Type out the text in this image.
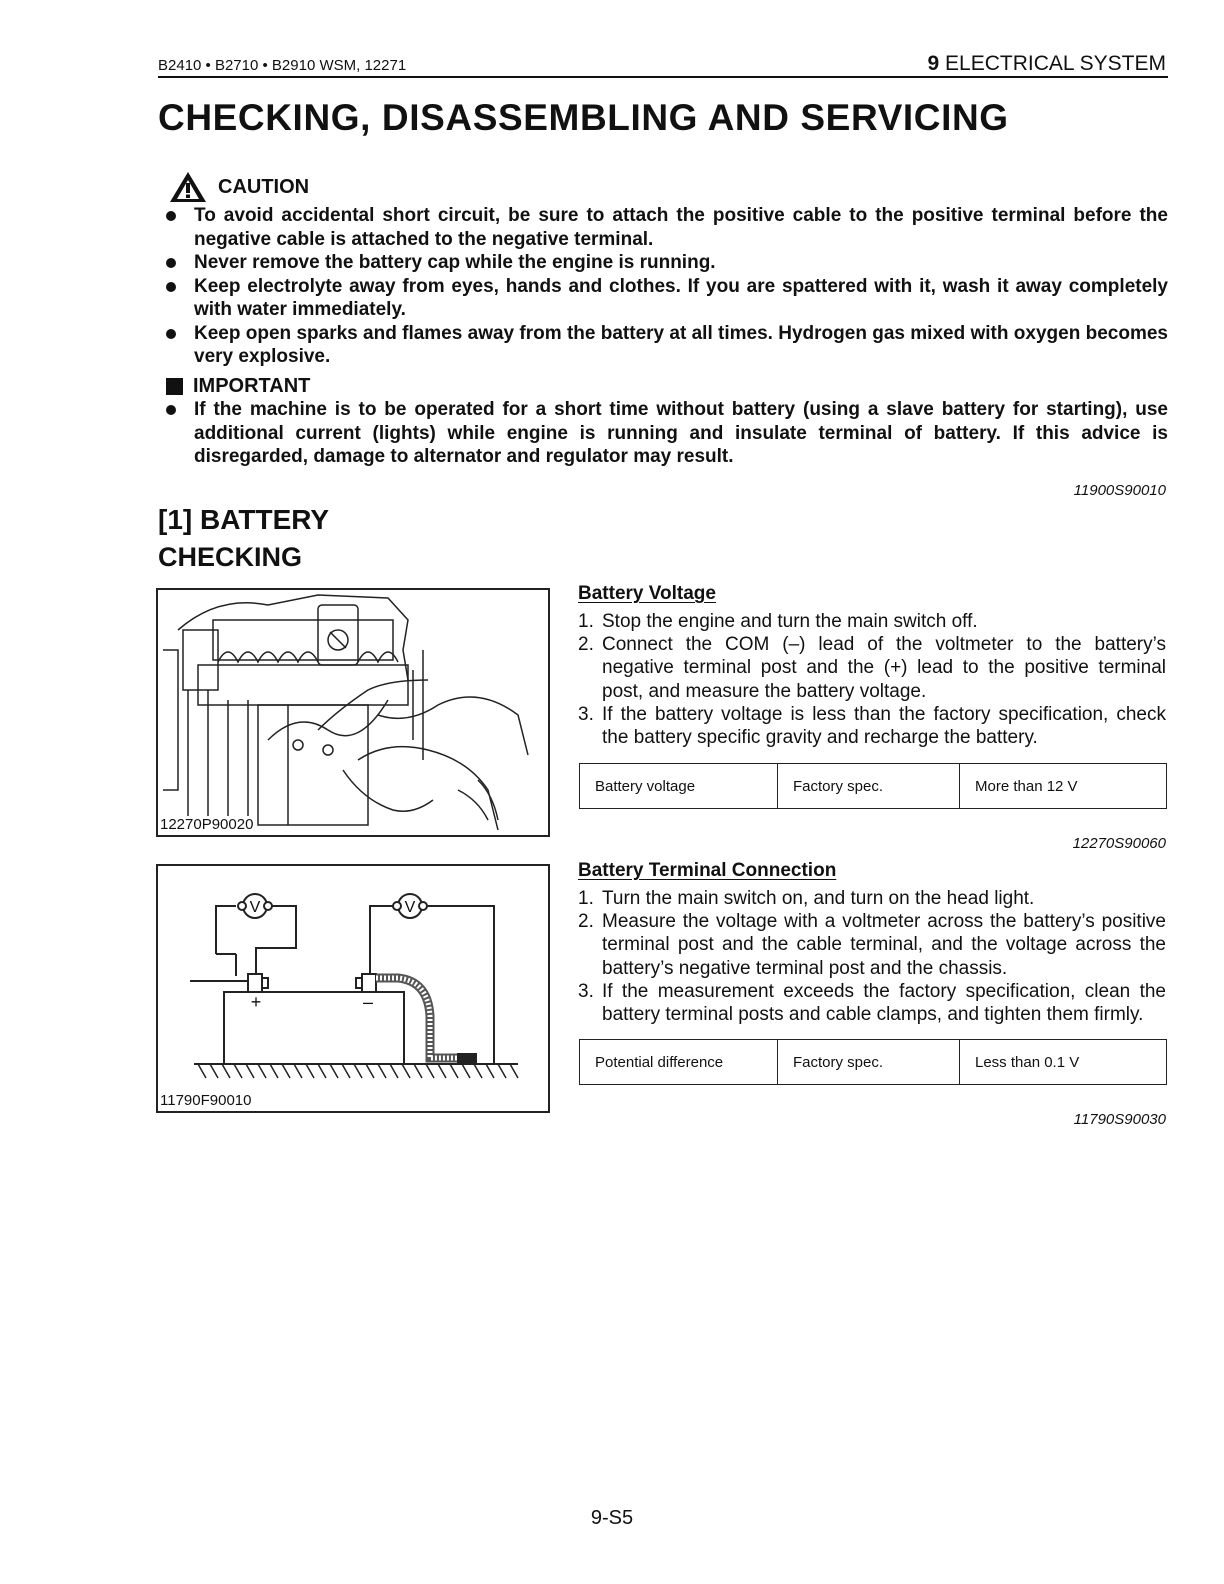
B2410 • B2710 • B2910 WSM, 12271	9 ELECTRICAL SYSTEM
CHECKING, DISASSEMBLING AND SERVICING
CAUTION
To avoid accidental short circuit, be sure to attach the positive cable to the positive terminal before the negative cable is attached to the negative terminal.
Never remove the battery cap while the engine is running.
Keep electrolyte away from eyes, hands and clothes. If you are spattered with it, wash it away completely with water immediately.
Keep open sparks and flames away from the battery at all times. Hydrogen gas mixed with oxygen becomes very explosive.
IMPORTANT
If the machine is to be operated for a short time without battery (using a slave battery for starting), use additional current (lights) while engine is running and insulate terminal of battery. If this advice is disregarded, damage to alternator and regulator may result.
11900S90010
[1] BATTERY
CHECKING
12270P90020
V	V
+	–
11790F90010
Battery Voltage
1. Stop the engine and turn the main switch off.
2. Connect the COM (–) lead of the voltmeter to the battery’s negative terminal post and the (+) lead to the positive terminal post, and measure the battery voltage.
3. If the battery voltage is less than the factory specification, check the battery specific gravity and recharge the battery.
Battery voltage	Factory spec.	More than 12 V
12270S90060
Battery Terminal Connection
1. Turn the main switch on, and turn on the head light.
2. Measure the voltage with a voltmeter across the battery’s positive terminal post and the cable terminal, and the voltage across the battery’s negative terminal post and the chassis.
3. If the measurement exceeds the factory specification, clean the battery terminal posts and cable clamps, and tighten them firmly.
Potential difference	Factory spec.	Less than 0.1 V
11790S90030
9-S5
